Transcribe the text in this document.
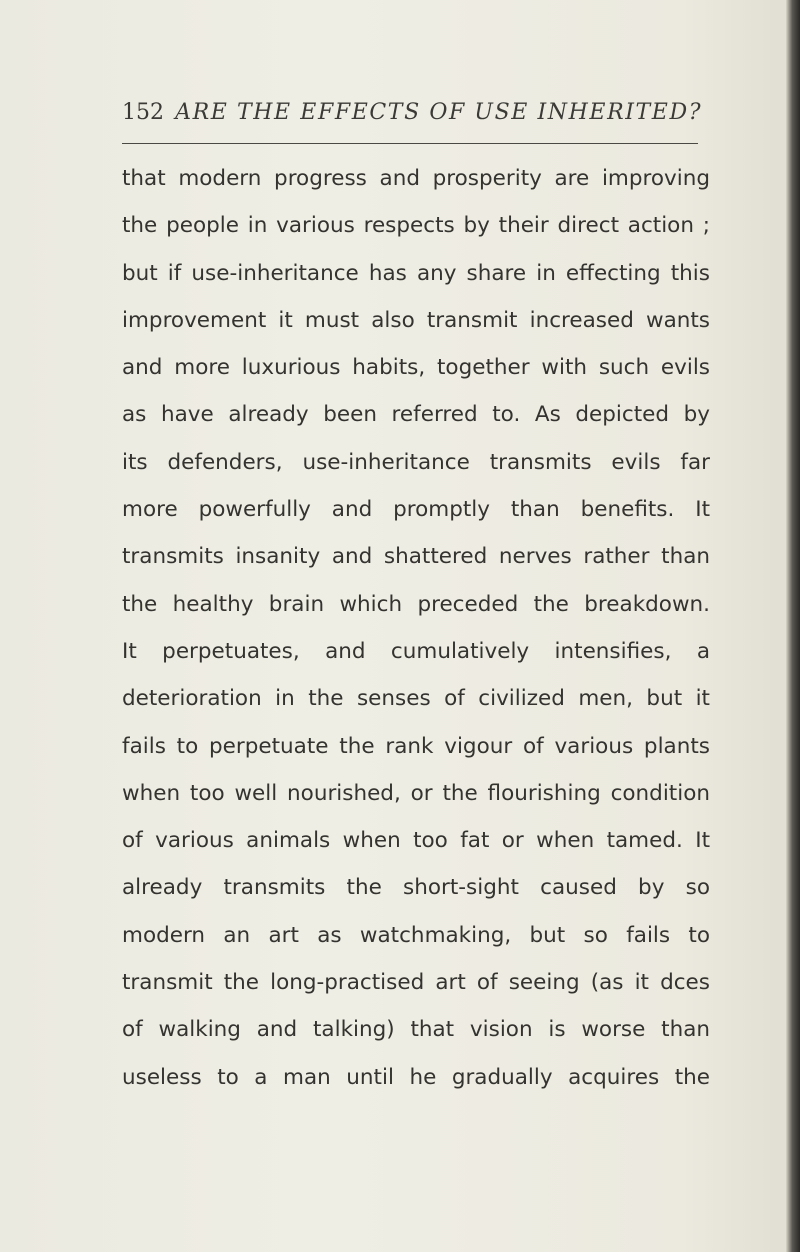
152 ARE THE EFFECTS OF USE INHERITED?
that modern progress and prosperity are improving
the people in various respects by their direct action ;
but if use-inheritance has any share in effecting this
improvement it must also transmit increased wants
and more luxurious habits, together with such evils
as have already been referred to. As depicted by
its defenders, use-inheritance transmits evils far
more powerfully and promptly than benefits. It
transmits insanity and shattered nerves rather than
the healthy brain which preceded the breakdown.
It perpetuates, and cumulatively intensifies, a
deterioration in the senses of civilized men, but it
fails to perpetuate the rank vigour of various plants
when too well nourished, or the flourishing condition
of various animals when too fat or when tamed. It
already transmits the short-sight caused by so
modern an art as watchmaking, but so fails to
transmit the long-practised art of seeing (as it dces
of walking and talking) that vision is worse than
useless to a man until he gradually acquires the
